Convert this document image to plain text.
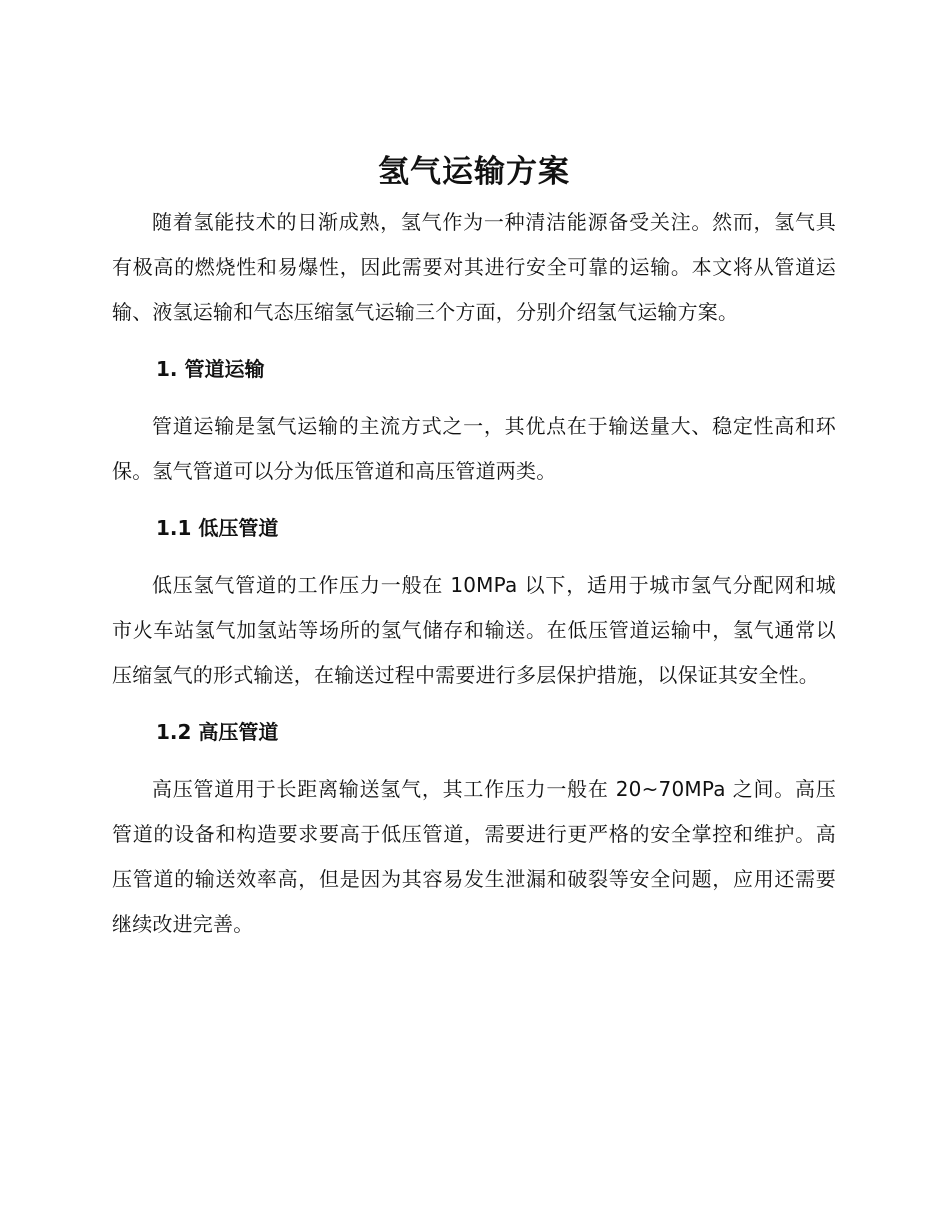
氢气运输方案

随着氢能技术的日渐成熟，氢气作为一种清洁能源备受关注。然而，氢气具有极高的燃烧性和易爆性，因此需要对其进行安全可靠的运输。本文将从管道运输、液氢运输和气态压缩氢气运输三个方面，分别介绍氢气运输方案。

1. 管道运输

管道运输是氢气运输的主流方式之一，其优点在于输送量大、稳定性高和环保。氢气管道可以分为低压管道和高压管道两类。

1.1 低压管道

低压氢气管道的工作压力一般在 10MPa 以下，适用于城市氢气分配网和城市火车站氢气加氢站等场所的氢气储存和输送。在低压管道运输中，氢气通常以压缩氢气的形式输送，在输送过程中需要进行多层保护措施，以保证其安全性。

1.2 高压管道

高压管道用于长距离输送氢气，其工作压力一般在 20~70MPa 之间。高压管道的设备和构造要求要高于低压管道，需要进行更严格的安全掌控和维护。高压管道的输送效率高，但是因为其容易发生泄漏和破裂等安全问题，应用还需要继续改进完善。
